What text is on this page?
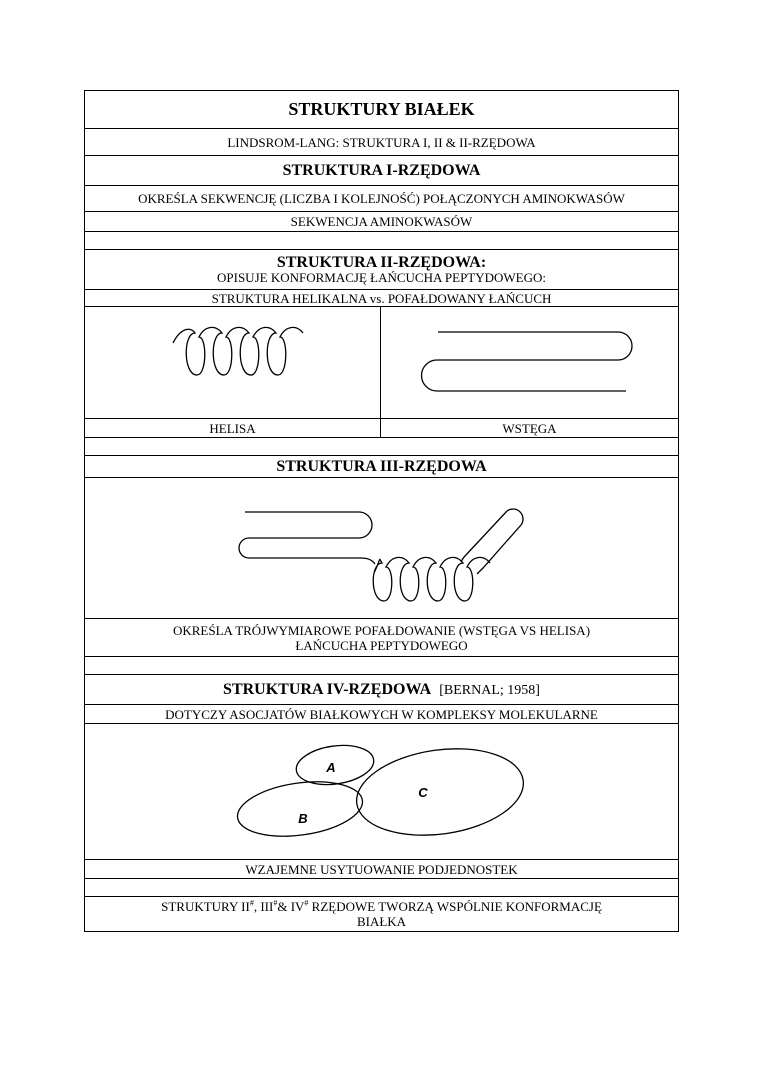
STRUKTURY BIAŁEK	
LINDSROM-LANG: STRUKTURA I, II & II-RZĘDOWA	
STRUKTURA I-RZĘDOWA	
OKREŚLA SEKWENCJĘ (LICZBA I KOLEJNOŚĆ) POŁĄCZONYCH AMINOKWASÓW	
SEKWENCJA AMINOKWASÓW	

STRUKTURA II-RZĘDOWA:
OPISUJE KONFORMACJĘ ŁAŃCUCHA PEPTYDOWEGO:	

STRUKTURA HELIKALNA vs. POFAŁDOWANY ŁAŃCUCH	

HELISA	WSTĘGA

STRUKTURA III-RZĘDOWA	

OKREŚLA TRÓJWYMIAROWE POFAŁDOWANIE (WSTĘGA VS HELISA)
ŁAŃCUCHA PEPTYDOWEGO	

STRUKTURA IV-RZĘDOWA [BERNAL; 1958]	
DOTYCZY ASOCJATÓW BIAŁKOWYCH W KOMPLEKSY MOLEKULARNE	

A
B
C	

WZAJEMNE USYTUOWANIE PODJEDNOSTEK	

STRUKTURY II#, III#& IV# RZĘDOWE TWORZĄ WSPÓLNIE KONFORMACJĘ
BIAŁKA	
